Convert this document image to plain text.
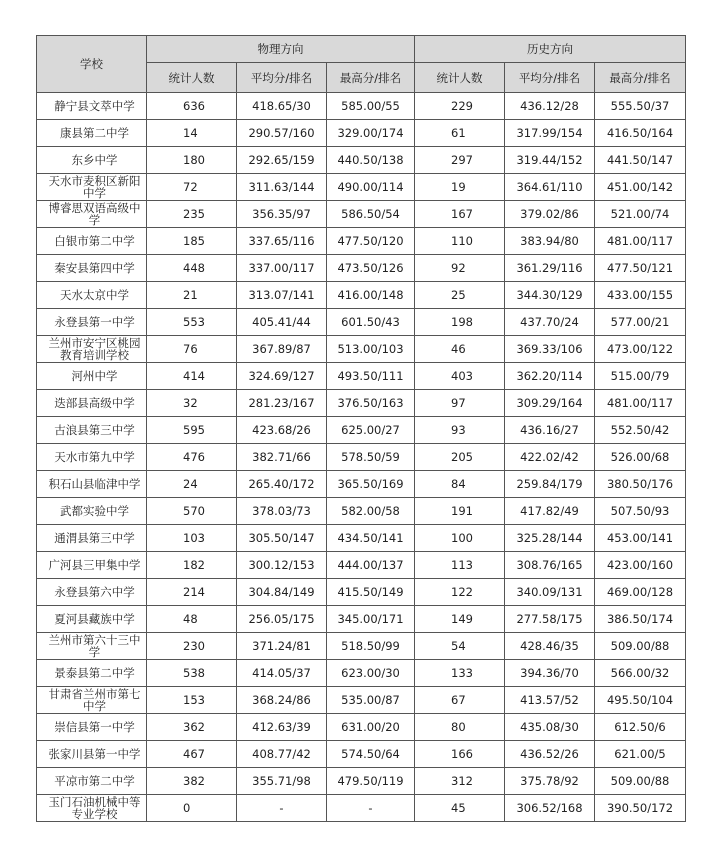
学校	物理方向			历史方向		
	统计人数	平均分/排名	最高分/排名	统计人数	平均分/排名	最高分/排名

静宁县文萃中学	636	418.65/30	585.00/55	229	436.12/28	555.50/37

康县第二中学	14	290.57/160	329.00/174	61	317.99/154	416.50/164

东乡中学	180	292.65/159	440.50/138	297	319.44/152	441.50/147

天水市麦积区新阳中学	72	311.63/144	490.00/114	19	364.61/110	451.00/142

博睿思双语高级中学	235	356.35/97	586.50/54	167	379.02/86	521.00/74

白银市第二中学	185	337.65/116	477.50/120	110	383.94/80	481.00/117

秦安县第四中学	448	337.00/117	473.50/126	92	361.29/116	477.50/121

天水太京中学	21	313.07/141	416.00/148	25	344.30/129	433.00/155

永登县第一中学	553	405.41/44	601.50/43	198	437.70/24	577.00/21

兰州市安宁区桃园教育培训学校	76	367.89/87	513.00/103	46	369.33/106	473.00/122

河州中学	414	324.69/127	493.50/111	403	362.20/114	515.00/79

迭部县高级中学	32	281.23/167	376.50/163	97	309.29/164	481.00/117

古浪县第三中学	595	423.68/26	625.00/27	93	436.16/27	552.50/42

天水市第九中学	476	382.71/66	578.50/59	205	422.02/42	526.00/68

积石山县临津中学	24	265.40/172	365.50/169	84	259.84/179	380.50/176

武都实验中学	570	378.03/73	582.00/58	191	417.82/49	507.50/93

通渭县第三中学	103	305.50/147	434.50/141	100	325.28/144	453.00/141

广河县三甲集中学	182	300.12/153	444.00/137	113	308.76/165	423.00/160

永登县第六中学	214	304.84/149	415.50/149	122	340.09/131	469.00/128

夏河县藏族中学	48	256.05/175	345.00/171	149	277.58/175	386.50/174

兰州市第六十三中学	230	371.24/81	518.50/99	54	428.46/35	509.00/88

景泰县第二中学	538	414.05/37	623.00/30	133	394.36/70	566.00/32

甘肃省兰州市第七中学	153	368.24/86	535.00/87	67	413.57/52	495.50/104

崇信县第一中学	362	412.63/39	631.00/20	80	435.08/30	612.50/6

张家川县第一中学	467	408.77/42	574.50/64	166	436.52/26	621.00/5

平凉市第二中学	382	355.71/98	479.50/119	312	375.78/92	509.00/88

玉门石油机械中等专业学校	0	-	-	45	306.52/168	390.50/172
